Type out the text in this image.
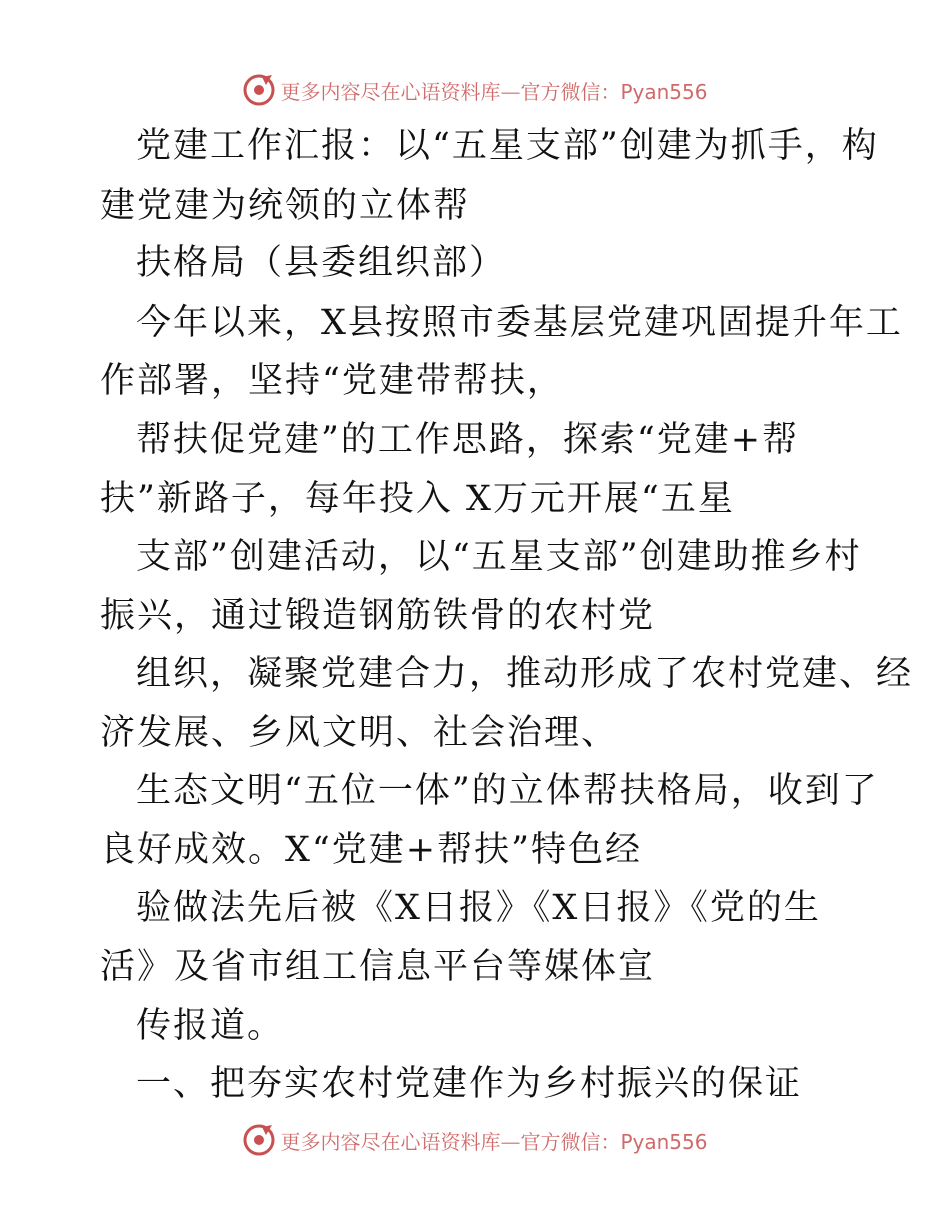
更多内容尽在心语资料库—官方微信：Pyan556
党建工作汇报：以“五星支部”创建为抓手，构
建党建为统领的立体帮
扶格局（县委组织部）
今年以来，X县按照市委基层党建巩固提升年工
作部署，坚持“党建带帮扶，
帮扶促党建”的工作思路，探索“党建+帮
扶”新路子，每年投入 X万元开展“五星
支部”创建活动，以“五星支部”创建助推乡村
振兴，通过锻造钢筋铁骨的农村党
组织，凝聚党建合力，推动形成了农村党建、经
济发展、乡风文明、社会治理、
生态文明“五位一体”的立体帮扶格局，收到了
良好成效。X“党建+帮扶”特色经
验做法先后被《X日报》《X日报》《党的生
活》及省市组工信息平台等媒体宣
传报道。
一、把夯实农村党建作为乡村振兴的保证
更多内容尽在心语资料库—官方微信：Pyan556
